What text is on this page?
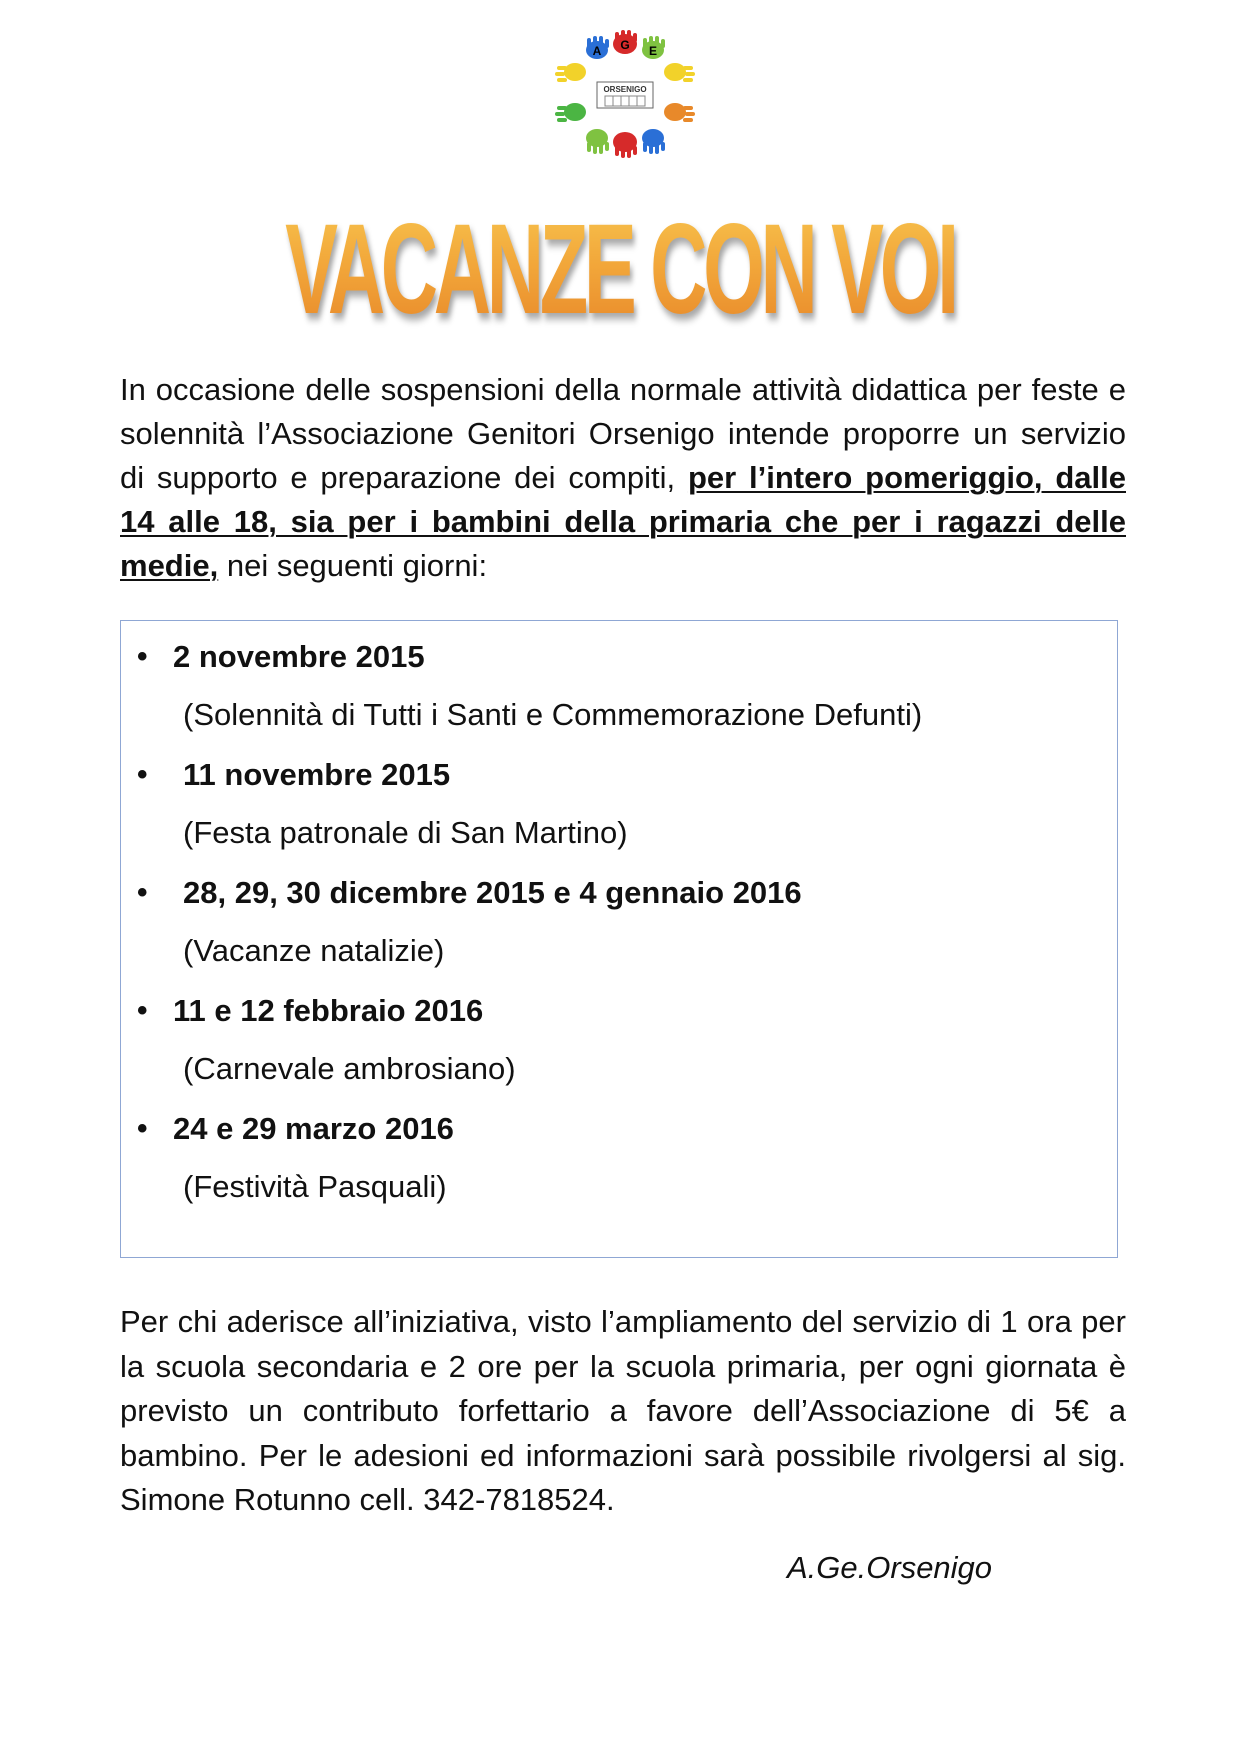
A G E
ORSENIGO
VACANZE CON VOI

In occasione delle sospensioni della normale attività didattica per feste e solennità l’Associazione Genitori Orsenigo intende proporre un servizio di supporto e preparazione dei compiti, per l’intero pomeriggio, dalle 14 alle 18, sia per i bambini della primaria che per i ragazzi delle medie, nei seguenti giorni:

• 2 novembre 2015
(Solennità di Tutti i Santi e Commemorazione Defunti)
•	11 novembre 2015
(Festa patronale di San Martino)
•	28, 29, 30 dicembre 2015 e 4 gennaio 2016
(Vacanze natalizie)
• 11 e 12 febbraio 2016
(Carnevale ambrosiano)
• 24 e 29 marzo 2016
(Festività Pasquali)

Per chi aderisce all’iniziativa, visto l’ampliamento del servizio di 1 ora per la scuola secondaria e 2 ore per la scuola primaria, per ogni giornata è previsto un contributo forfettario a favore dell’Associazione di 5€ a bambino. Per le adesioni ed informazioni sarà possibile rivolgersi al sig. Simone Rotunno cell. 342-7818524.

A.Ge.Orsenigo
